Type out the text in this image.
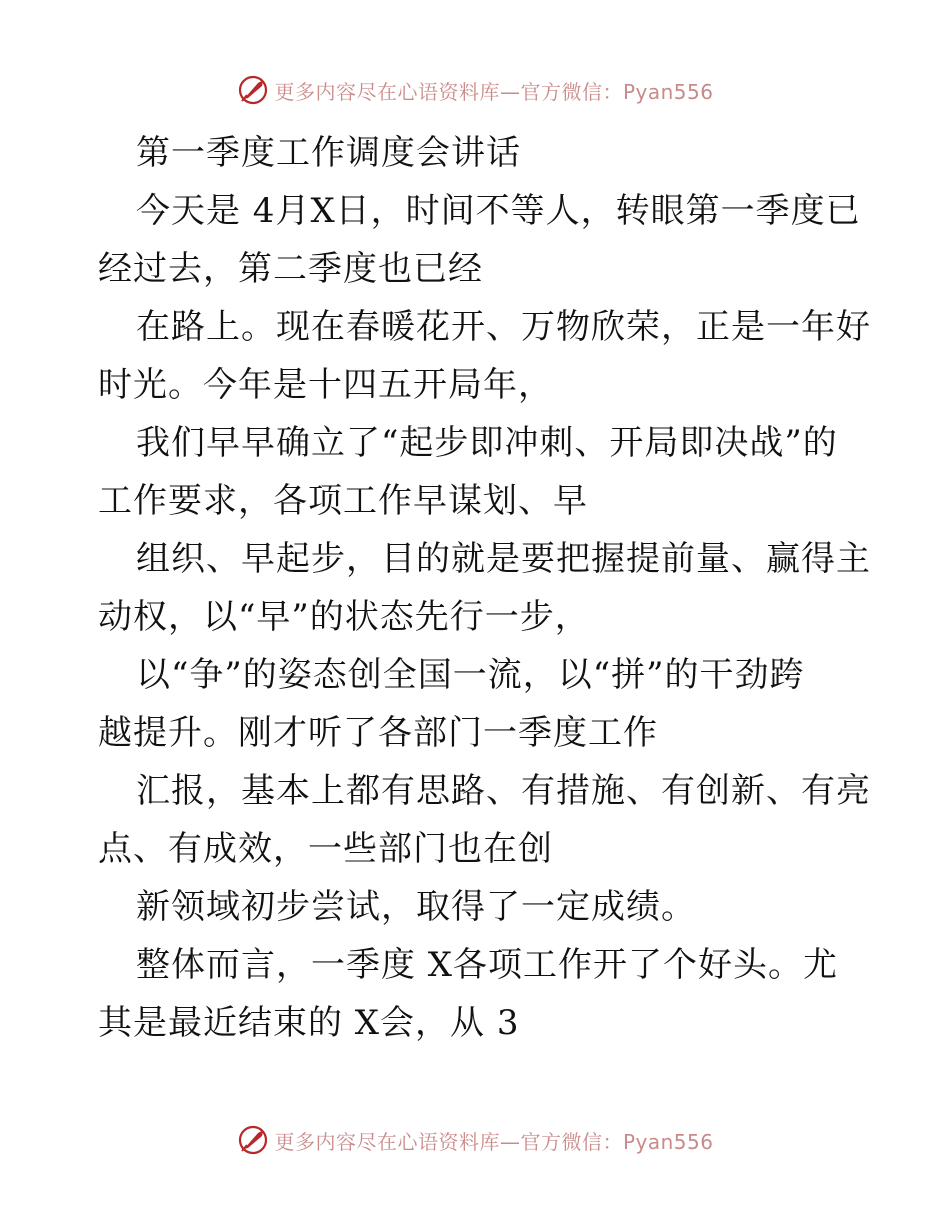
更多内容尽在心语资料库—官方微信：Pyan556
第一季度工作调度会讲话
今天是 4月X日，时间不等人，转眼第一季度已
经过去，第二季度也已经
在路上。现在春暖花开、万物欣荣，正是一年好
时光。今年是十四五开局年，
我们早早确立了“起步即冲刺、开局即决战”的
工作要求，各项工作早谋划、早
组织、早起步，目的就是要把握提前量、赢得主
动权，以“早”的状态先行一步，
以“争”的姿态创全国一流，以“拼”的干劲跨
越提升。刚才听了各部门一季度工作
汇报，基本上都有思路、有措施、有创新、有亮
点、有成效，一些部门也在创
新领域初步尝试，取得了一定成绩。
整体而言，一季度 X各项工作开了个好头。尤
其是最近结束的 X会，从 3
更多内容尽在心语资料库—官方微信：Pyan556
